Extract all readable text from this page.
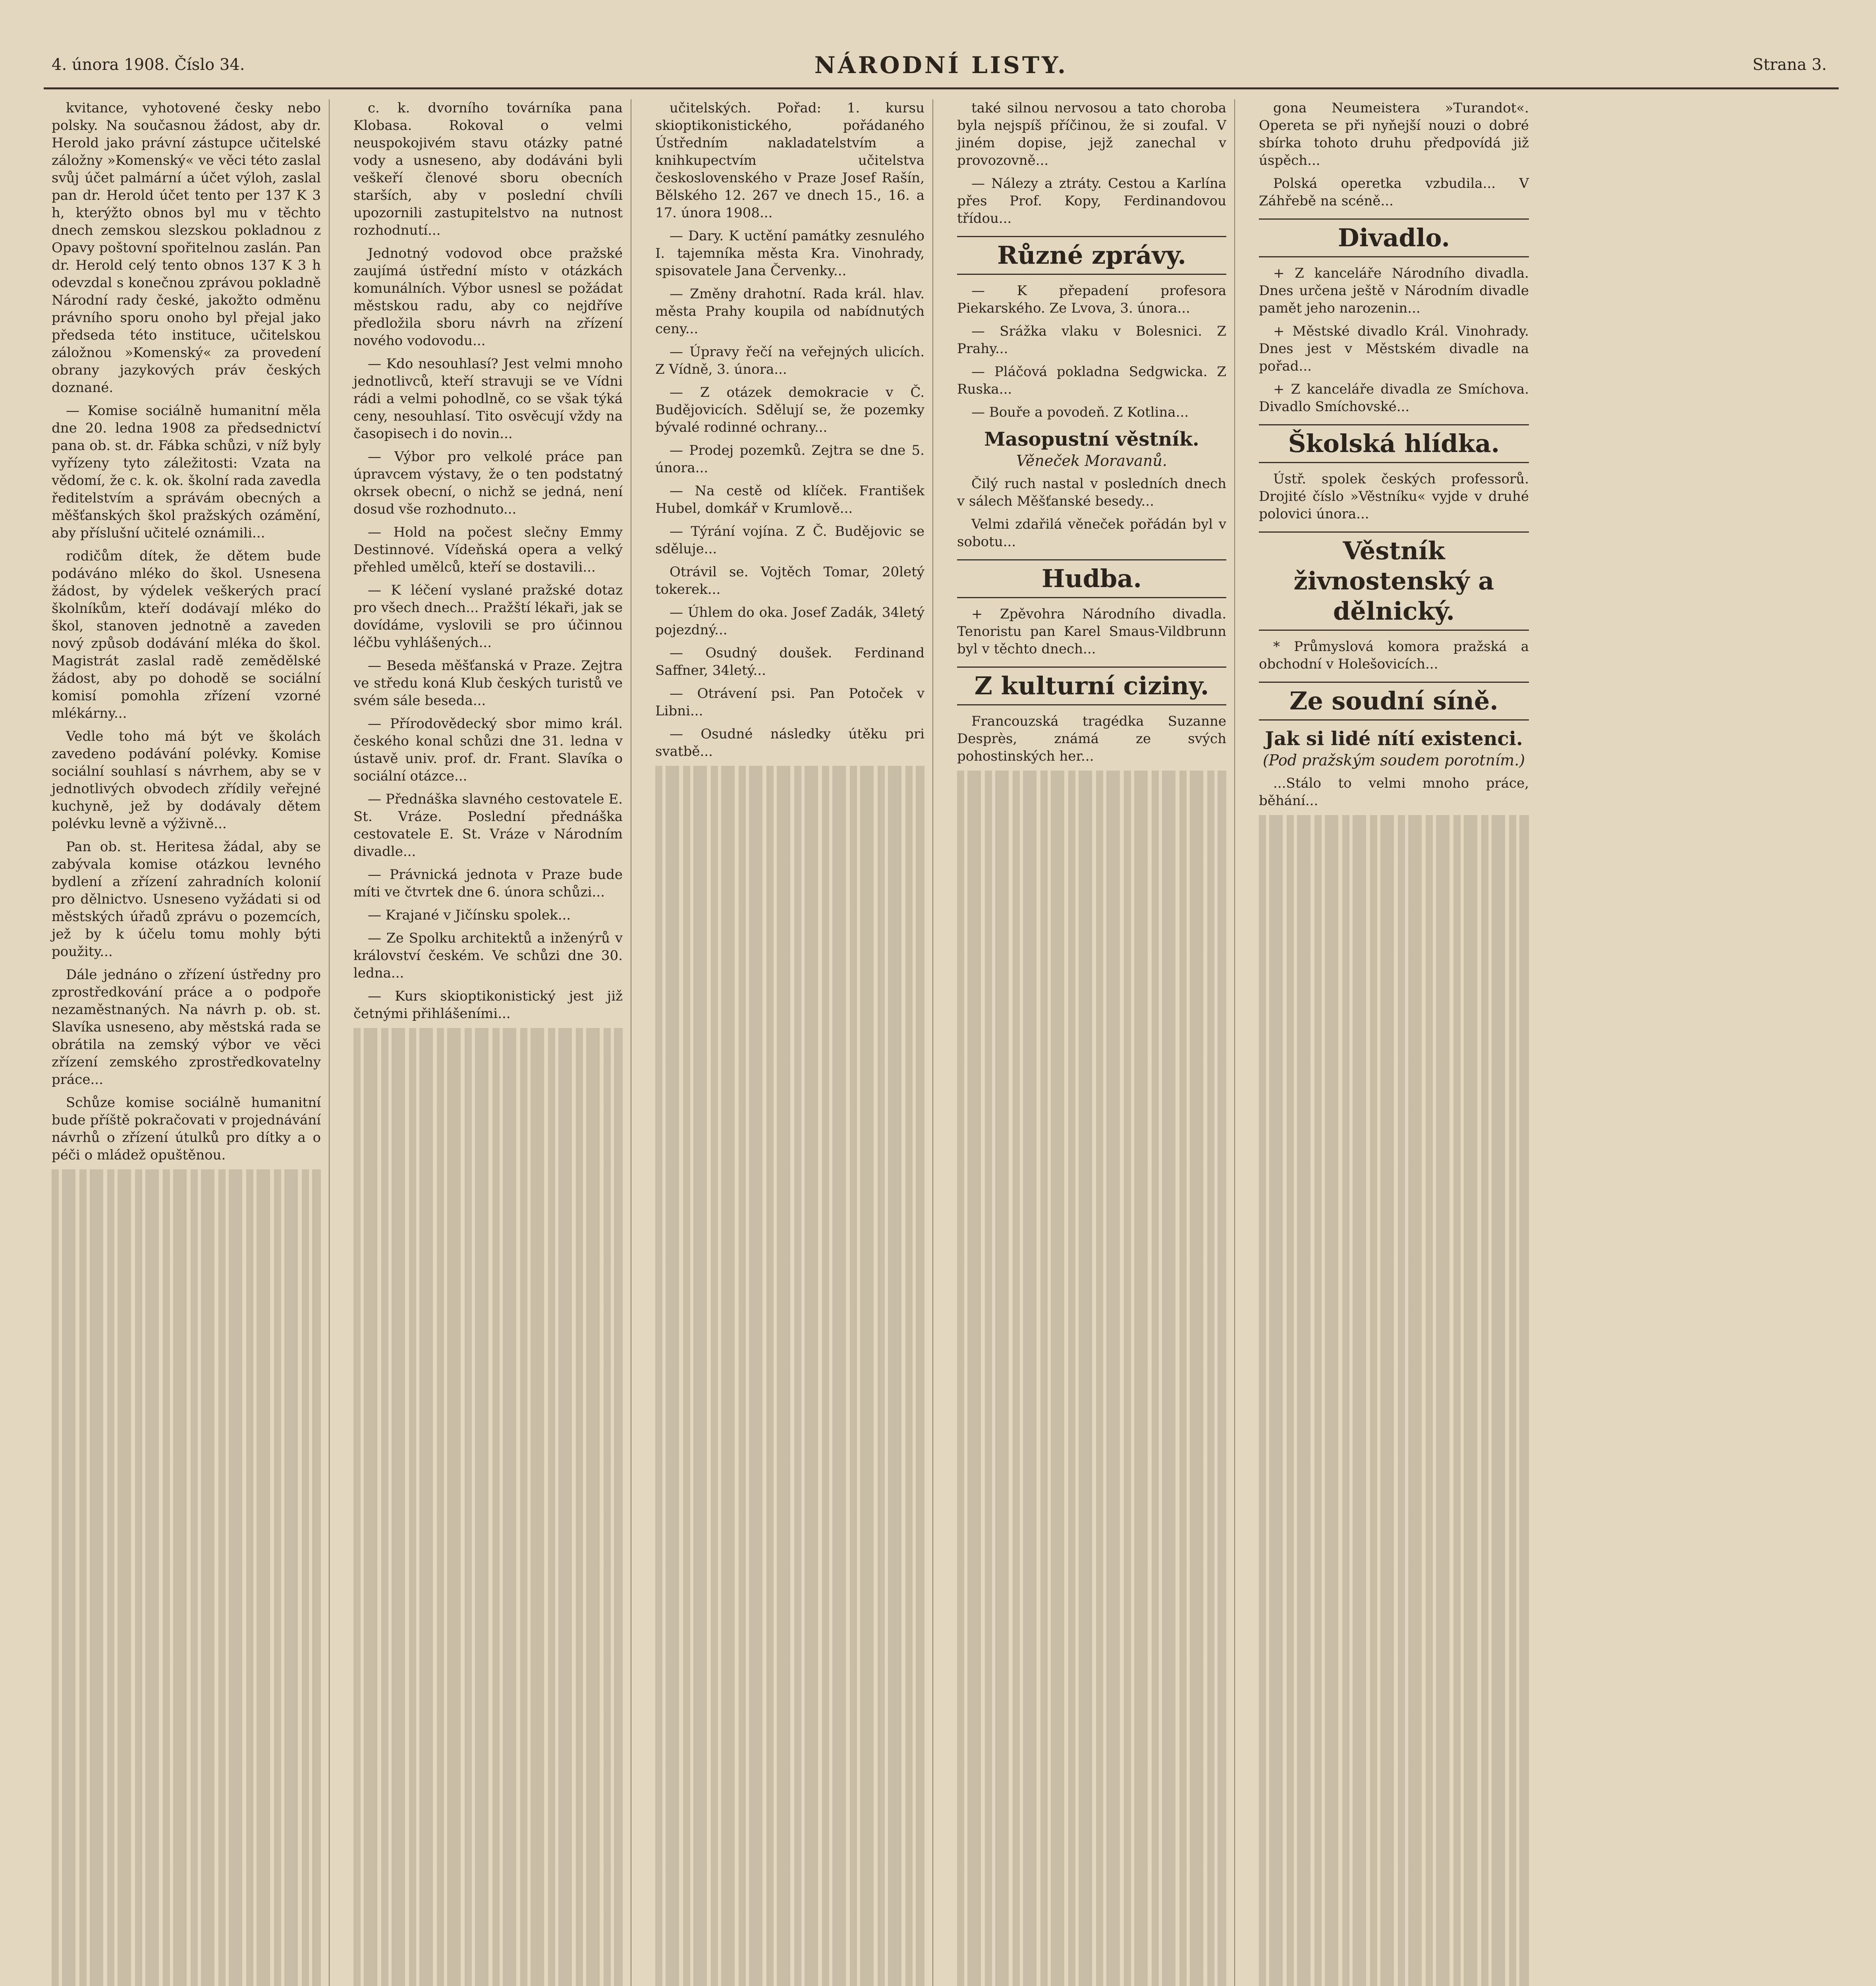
4. února 1908. Číslo 34.	NÁRODNÍ LISTY.	Strana 3.

kvitance, vyhotovené česky nebo polsky. Na současnou žádost, aby dr. Herold jako právní zástupce učitelské záložny »Komenský« ve věci této zaslal svůj účet palmární a účet výloh, zaslal pan dr. Herold účet tento per 137 K 3 h, kterýžto obnos byl mu v těchto dnech zemskou slezskou pokladnou z Opavy poštovní spořitelnou zaslán. Pan dr. Herold celý tento obnos 137 K 3 h odevzdal s konečnou zprávou pokladně Národní rady české, jakožto odměnu právního sporu onoho byl přejal jako předseda této instituce, učitelskou záložnou »Komenský« za provedení obrany jazykových práv českých doznané.

— Komise sociálně humanitní měla dne 20. ledna 1908 za předsednictví pana ob. st. dr. Fábka schůzi, v níž byly vyřízeny tyto záležitosti: Vzata na vědomí, že c. k. ok. školní rada zavedla ředitelstvím a správám obecných a měšťanských škol pražských ozámění, aby příslušní učitelé oznámili...

rodičům dítek, že dětem bude podáváno mléko do škol. Usnesena žádost, by výdelek veškerých prací školníkům, kteří dodávají mléko do škol, stanoven jednotně a zaveden nový způsob dodávání mléka do škol. Magistrát zaslal radě zemědělské žádost, aby po dohodě se sociální komisí pomohla zřízení vzorné mlékárny...

Vedle toho má být ve školách zavedeno podávání polévky. Komise sociální souhlasí s návrhem, aby se v jednotlivých obvodech zřídily veřejné kuchyně, jež by dodávaly dětem polévku levně a výživně...

Pan ob. st. Heritesa žádal, aby se zabývala komise otázkou levného bydlení a zřízení zahradních kolonií pro dělnictvo. Usneseno vyžádati si od městských úřadů zprávu o pozemcích, jež by k účelu tomu mohly býti použity...

Dále jednáno o zřízení ústředny pro zprostředkování práce a o podpoře nezaměstnaných. Na návrh p. ob. st. Slavíka usneseno, aby městská rada se obrátila na zemský výbor ve věci zřízení zemského zprostředkovatelny práce...

Schůze komise sociálně humanitní bude příště pokračovati v projednávání návrhů o zřízení útulků pro dítky a o péči o mládež opuštěnou.

c. k. dvorního továrníka pana Klobasa. Rokoval o velmi neuspokojivém stavu otázky patné vody a usneseno, aby dodáváni byli veškeří členové sboru obecních starších, aby v poslední chvíli upozornili zastupitelstvo na nutnost rozhodnutí...

Jednotný vodovod obce pražské zaujímá ústřední místo v otázkách komunálních. Výbor usnesl se požádat městskou radu, aby co nejdříve předložila sboru návrh na zřízení nového vodovodu...

— Kdo nesouhlasí? Jest velmi mnoho jednotlivců, kteří stravuji se ve Vídni rádi a velmi pohodlně, co se však týká ceny, nesouhlasí. Tito osvěcují vždy na časopisech i do novin...

— Výbor pro velkolé práce pan úpravcem výstavy, že o ten podstatný okrsek obecní, o nichž se jedná, není dosud vše rozhodnuto...

— Hold na počest slečny Emmy Destinnové. Vídeňská opera a velký přehled umělců, kteří se dostavili...

— K léčení vyslané pražské dotaz pro všech dnech... Pražští lékaři, jak se dovídáme, vyslovili se pro účinnou léčbu vyhlášených...

— Beseda měšťanská v Praze. Zejtra ve středu koná Klub českých turistů ve svém sále beseda...

— Přírodovědecký sbor mimo král. českého konal schůzi dne 31. ledna v ústavě univ. prof. dr. Frant. Slavíka o sociální otázce...

— Přednáška slavného cestovatele E. St. Vráze. Poslední přednáška cestovatele E. St. Vráze v Národním divadle...

— Právnická jednota v Praze bude míti ve čtvrtek dne 6. února schůzi...

— Krajané v Jičínsku spolek...

— Ze Spolku architektů a inženýrů v království českém. Ve schůzi dne 30. ledna...

— Kurs skioptikonistický jest již četnými přihlášeními...

učitelských. Pořad: 1. kursu skioptikonistického, pořádaného Ústředním nakladatelstvím a knihkupectvím učitelstva československého v Praze Josef Rašín, Bělského 12. 267 ve dnech 15., 16. a 17. února 1908...

— Dary. K uctění památky zesnulého I. tajemníka města Kra. Vinohrady, spisovatele Jana Červenky...

— Změny drahotní. Rada král. hlav. města Prahy koupila od nabídnutých ceny...

— Úpravy řečí na veřejných ulicích. Z Vídně, 3. února...

— Z otázek demokracie v Č. Budějovicích. Sdělují se, že pozemky bývalé rodinné ochrany...

— Prodej pozemků. Zejtra se dne 5. února...

— Na cestě od klíček. František Hubel, domkář v Krumlově...

— Týrání vojína. Z Č. Budějovic se sděluje...

Otrávil se. Vojtěch Tomar, 20letý tokerek...

— Úhlem do oka. Josef Zadák, 34letý pojezdný...

— Osudný doušek. Ferdinand Saffner, 34letý...

— Otrávení psi. Pan Potoček v Libni...

— Osudné následky útěku pri svatbě...

také silnou nervosou a tato choroba byla nejspíš příčinou, že si zoufal. V jiném dopise, jejž zanechal v provozovně...

— Nálezy a ztráty. Cestou a Karlína přes Prof. Kopy, Ferdinandovou třídou...

Různé zprávy.

— K přepadení profesora Piekarského. Ze Lvova, 3. února...

— Srážka vlaku v Bolesnici. Z Prahy...

— Pláčová pokladna Sedgwicka. Z Ruska...

— Bouře a povodeň. Z Kotlina...

Masopustní věstník.
Věneček Moravanů.

Čilý ruch nastal v posledních dnech v sálech Měšťanské besedy...

Velmi zdařilá věneček pořádán byl v sobotu...

Hudba.

+ Zpěvohra Národního divadla. Tenoristu pan Karel Smaus-Vildbrunn byl v těchto dnech...

Z kulturní ciziny.

Francouzská tragédka Suzanne Desprès, známá ze svých pohostinských her...

gona Neumeistera »Turandot«. Opereta se při nyňejší nouzi o dobré sbírka tohoto druhu předpovídá již úspěch...

Polská operetka vzbudila... V Záhřebě na scéně...

Divadlo.

+ Z kanceláře Národního divadla. Dnes určena ještě v Národním divadle pamět jeho narozenin...

+ Městské divadlo Král. Vinohrady. Dnes jest v Městském divadle na pořad...

+ Z kanceláře divadla ze Smíchova. Divadlo Smíchovské...

Školská hlídka.

Ústř. spolek českých professorů. Drojité číslo »Věstníku« vyjde v druhé polovici února...

Věstník živnostenský a dělnický.

* Průmyslová komora pražská a obchodní v Holešovicích...

Ze soudní síně.
Jak si lidé nítí existenci.
(Pod pražským soudem porotním.)

...Stálo to velmi mnoho práce, běhání...
